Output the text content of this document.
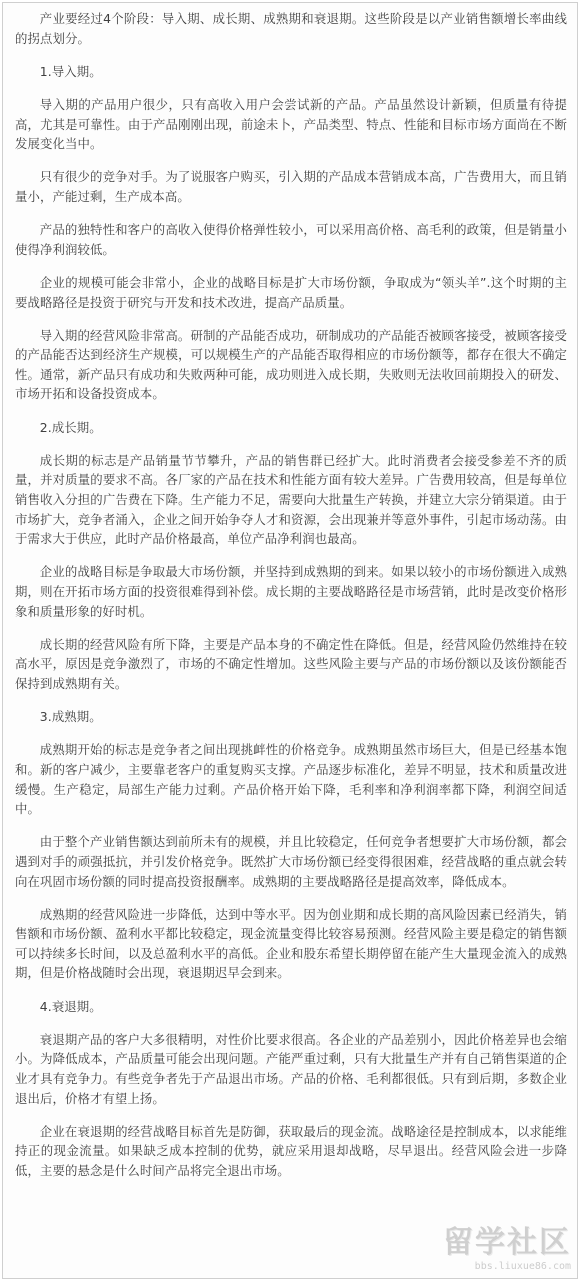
产业要经过4个阶段：导入期、成长期、成熟期和衰退期。这些阶段是以产业销售额增长率曲线的拐点划分。

1.导入期。

导入期的产品用户很少，只有高收入用户会尝试新的产品。产品虽然设计新颖，但质量有待提高，尤其是可靠性。由于产品刚刚出现，前途未卜，产品类型、特点、性能和目标市场方面尚在不断发展变化当中。

只有很少的竞争对手。为了说服客户购买，引入期的产品成本营销成本高，广告费用大，而且销量小，产能过剩，生产成本高。

产品的独特性和客户的高收入使得价格弹性较小，可以采用高价格、高毛利的政策，但是销量小使得净利润较低。

企业的规模可能会非常小，企业的战略目标是扩大市场份额，争取成为“领头羊”.这个时期的主要战略路径是投资于研究与开发和技术改进，提高产品质量。

导入期的经营风险非常高。研制的产品能否成功，研制成功的产品能否被顾客接受，被顾客接受的产品能否达到经济生产规模，可以规模生产的产品能否取得相应的市场份额等，都存在很大不确定性。通常，新产品只有成功和失败两种可能，成功则进入成长期，失败则无法收回前期投入的研发、市场开拓和设备投资成本。

2.成长期。

成长期的标志是产品销量节节攀升，产品的销售群已经扩大。此时消费者会接受参差不齐的质量，并对质量的要求不高。各厂家的产品在技术和性能方面有较大差异。广告费用较高，但是每单位销售收入分担的广告费在下降。生产能力不足，需要向大批量生产转换，并建立大宗分销渠道。由于市场扩大，竞争者涌入，企业之间开始争夺人才和资源，会出现兼并等意外事件，引起市场动荡。由于需求大于供应，此时产品价格最高，单位产品净利润也最高。

企业的战略目标是争取最大市场份额，并坚持到成熟期的到来。如果以较小的市场份额进入成熟期，则在开拓市场方面的投资很难得到补偿。成长期的主要战略路径是市场营销，此时是改变价格形象和质量形象的好时机。

成长期的经营风险有所下降，主要是产品本身的不确定性在降低。但是，经营风险仍然维持在较高水平，原因是竞争激烈了，市场的不确定性增加。这些风险主要与产品的市场份额以及该份额能否保持到成熟期有关。

3.成熟期。

成熟期开始的标志是竞争者之间出现挑衅性的价格竞争。成熟期虽然市场巨大，但是已经基本饱和。新的客户减少，主要靠老客户的重复购买支撑。产品逐步标准化，差异不明显，技术和质量改进缓慢。生产稳定，局部生产能力过剩。产品价格开始下降，毛利率和净利润率都下降，利润空间适中。

由于整个产业销售额达到前所未有的规模，并且比较稳定，任何竞争者想要扩大市场份额，都会遇到对手的顽强抵抗，并引发价格竞争。既然扩大市场份额已经变得很困难，经营战略的重点就会转向在巩固市场份额的同时提高投资报酬率。成熟期的主要战略路径是提高效率，降低成本。

成熟期的经营风险进一步降低，达到中等水平。因为创业期和成长期的高风险因素已经消失，销售额和市场份额、盈利水平都比较稳定，现金流量变得比较容易预测。经营风险主要是稳定的销售额可以持续多长时间，以及总盈利水平的高低。企业和股东希望长期停留在能产生大量现金流入的成熟期，但是价格战随时会出现，衰退期迟早会到来。

4.衰退期。

衰退期产品的客户大多很精明，对性价比要求很高。各企业的产品差别小，因此价格差异也会缩小。为降低成本，产品质量可能会出现问题。产能严重过剩，只有大批量生产并有自己销售渠道的企业才具有竞争力。有些竞争者先于产品退出市场。产品的价格、毛利都很低。只有到后期，多数企业退出后，价格才有望上扬。

企业在衰退期的经营战略目标首先是防御，获取最后的现金流。战略途径是控制成本，以求能维持正的现金流量。如果缺乏成本控制的优势，就应采用退却战略，尽早退出。经营风险会进一步降低，主要的悬念是什么时间产品将完全退出市场。

留学社区
bbs.liuxue86.com
